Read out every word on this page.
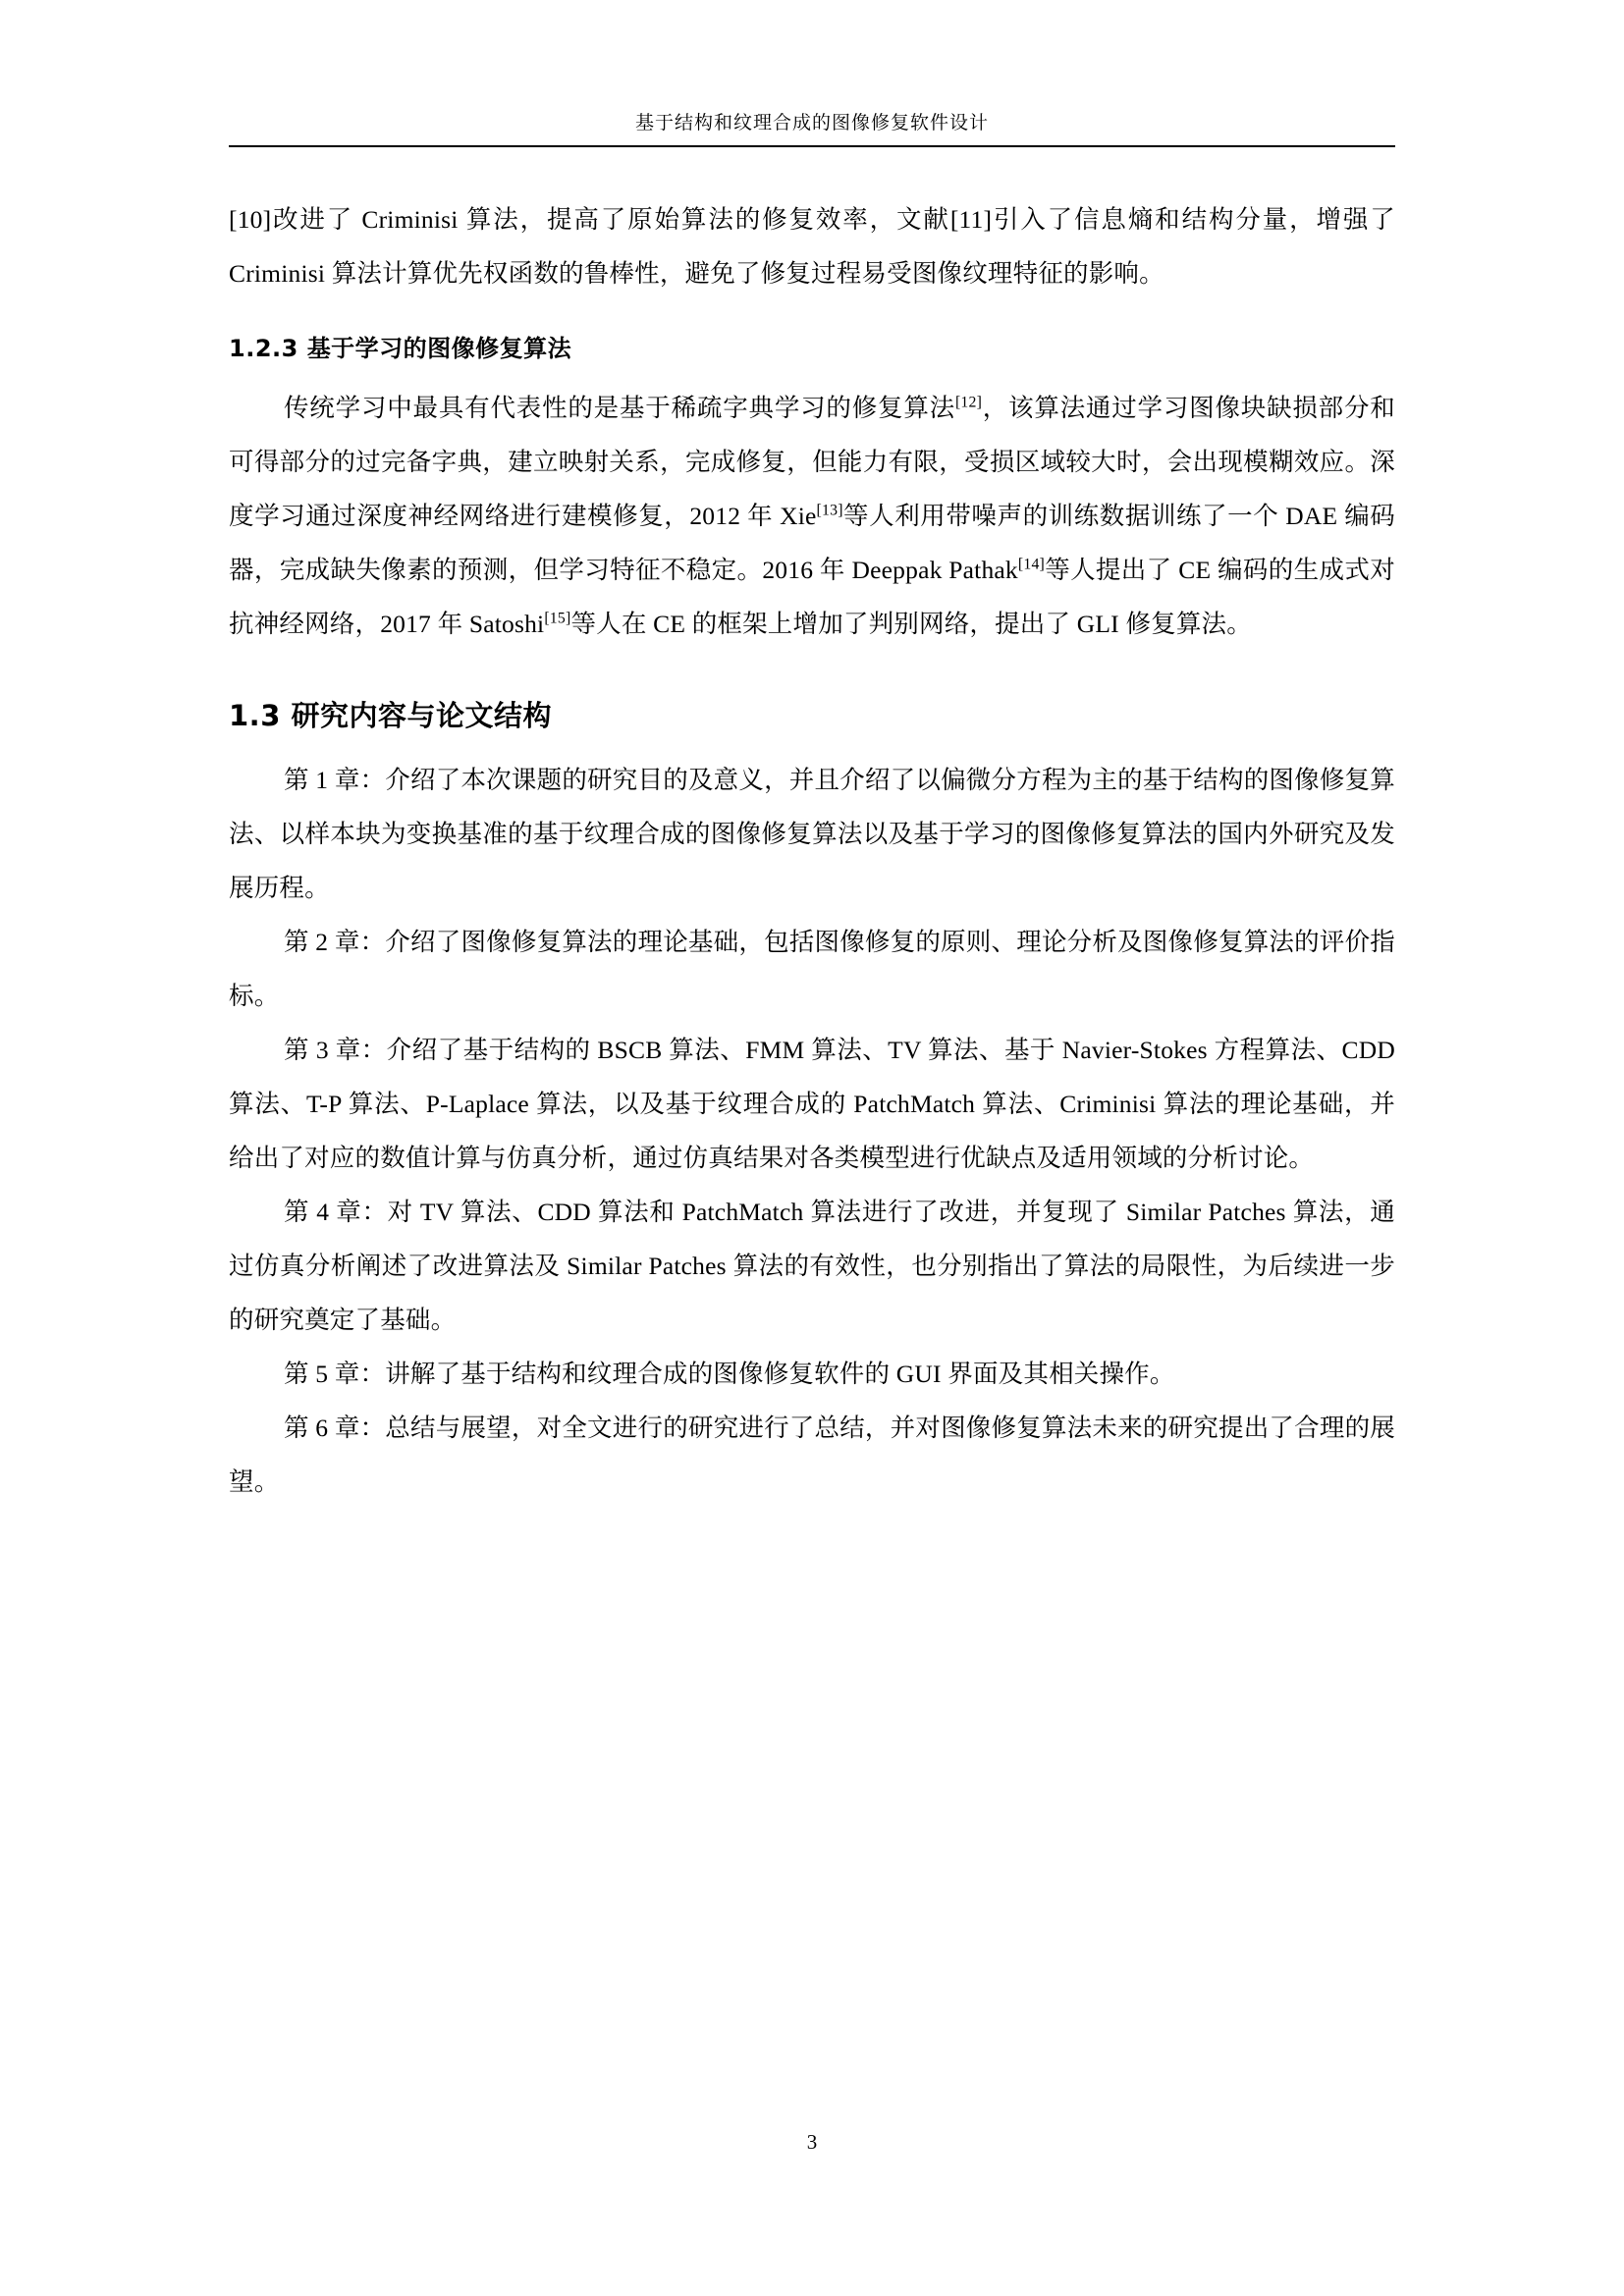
基于结构和纹理合成的图像修复软件设计

[10]改进了 Criminisi 算法，提高了原始算法的修复效率，文献[11]引入了信息熵和结构分量，增强了 Criminisi 算法计算优先权函数的鲁棒性，避免了修复过程易受图像纹理特征的影响。

1.2.3 基于学习的图像修复算法

传统学习中最具有代表性的是基于稀疏字典学习的修复算法[12]，该算法通过学习图像块缺损部分和可得部分的过完备字典，建立映射关系，完成修复，但能力有限，受损区域较大时，会出现模糊效应。深度学习通过深度神经网络进行建模修复，2012 年 Xie[13]等人利用带噪声的训练数据训练了一个 DAE 编码器，完成缺失像素的预测，但学习特征不稳定。2016 年 Deeppak Pathak[14]等人提出了 CE 编码的生成式对抗神经网络，2017 年 Satoshi[15]等人在 CE 的框架上增加了判别网络，提出了 GLI 修复算法。

1.3 研究内容与论文结构

第 1 章：介绍了本次课题的研究目的及意义，并且介绍了以偏微分方程为主的基于结构的图像修复算法、以样本块为变换基准的基于纹理合成的图像修复算法以及基于学习的图像修复算法的国内外研究及发展历程。

第 2 章：介绍了图像修复算法的理论基础，包括图像修复的原则、理论分析及图像修复算法的评价指标。

第 3 章：介绍了基于结构的 BSCB 算法、FMM 算法、TV 算法、基于 Navier-Stokes 方程算法、CDD 算法、T-P 算法、P-Laplace 算法，以及基于纹理合成的 PatchMatch 算法、Criminisi 算法的理论基础，并给出了对应的数值计算与仿真分析，通过仿真结果对各类模型进行优缺点及适用领域的分析讨论。

第 4 章：对 TV 算法、CDD 算法和 PatchMatch 算法进行了改进，并复现了 Similar Patches 算法，通过仿真分析阐述了改进算法及 Similar Patches 算法的有效性，也分别指出了算法的局限性，为后续进一步的研究奠定了基础。

第 5 章：讲解了基于结构和纹理合成的图像修复软件的 GUI 界面及其相关操作。

第 6 章：总结与展望，对全文进行的研究进行了总结，并对图像修复算法未来的研究提出了合理的展望。

3
